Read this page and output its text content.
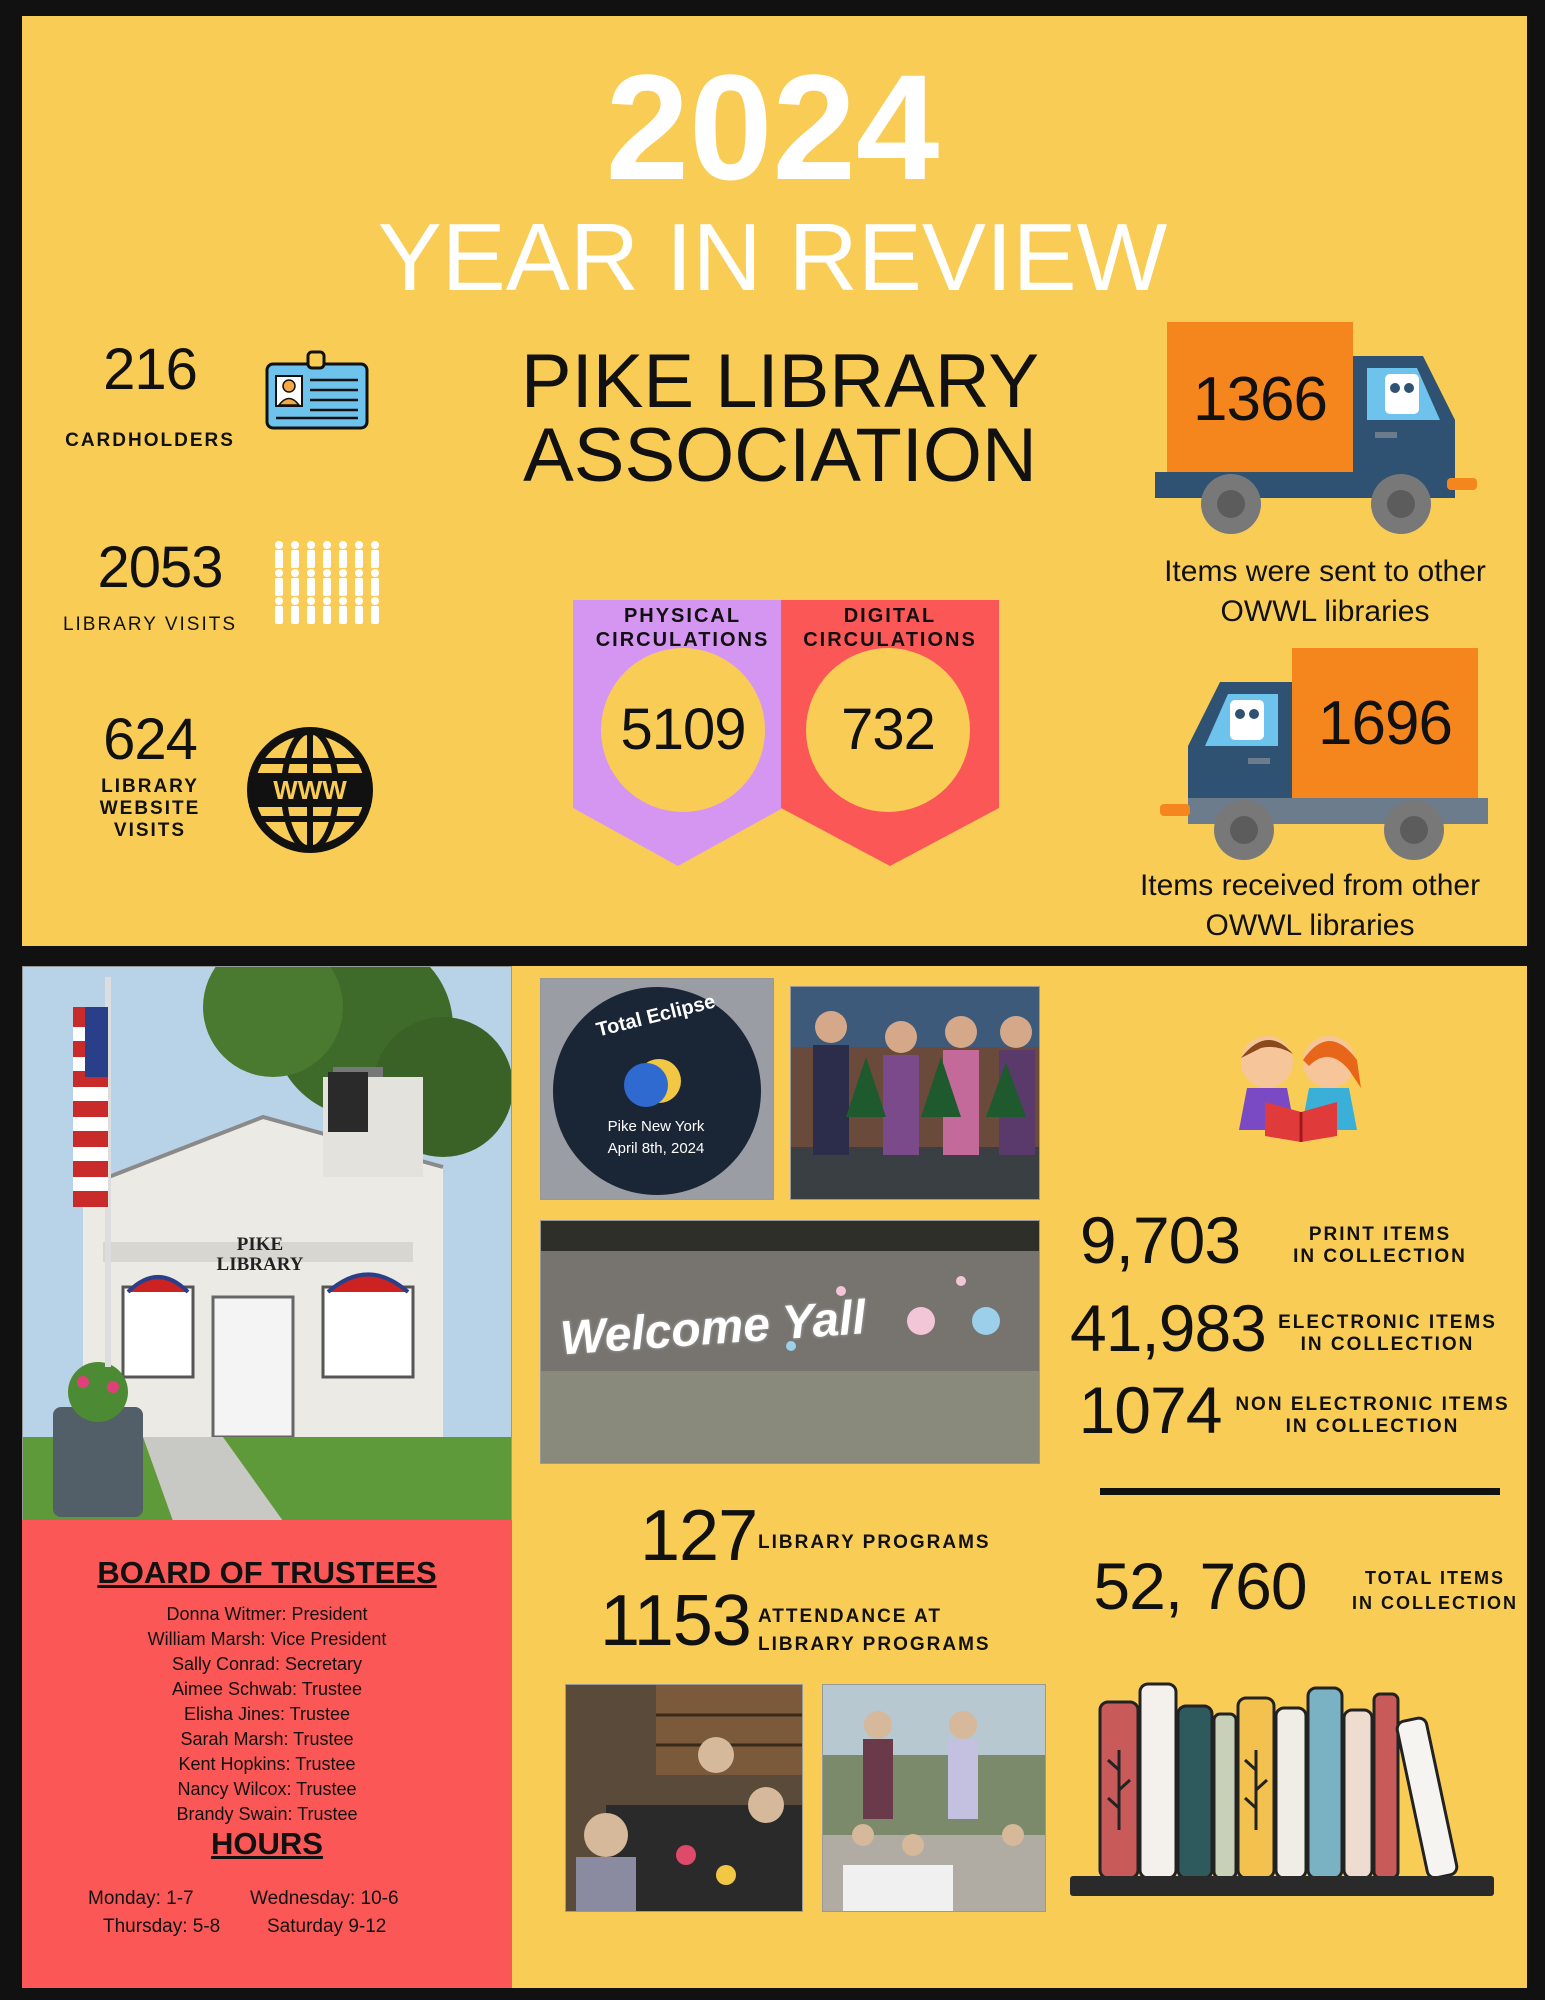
2024
YEAR IN REVIEW
PIKE LIBRARY
ASSOCIATION
216
CARDHOLDERS
2053
LIBRARY VISITS
624
LIBRARY
WEBSITE
VISITS
WWW
PHYSICAL
CIRCULATIONS
DIGITAL
CIRCULATIONS
5109	732
1366
Items were sent to other
OWWL libraries
1696
Items received from other
OWWL libraries
PIKE
LIBRARY
BOARD OF TRUSTEES
Donna Witmer: President
William Marsh: Vice President
Sally Conrad: Secretary
Aimee Schwab: Trustee
Elisha Jines: Trustee
Sarah Marsh: Trustee
Kent Hopkins: Trustee
Nancy Wilcox: Trustee
Brandy Swain: Trustee
HOURS
Monday: 1-7	Wednesday: 10-6
Thursday: 5-8 Saturday 9-12
Total Eclipse
Pike New York
April 8th, 2024
Welcome Yall
127 LIBRARY PROGRAMS
1153 ATTENDANCE AT
LIBRARY PROGRAMS
9,703	PRINT ITEMS
IN COLLECTION
41,983 ELECTRONIC ITEMS
IN COLLECTION
1074 NON ELECTRONIC ITEMS
IN COLLECTION
52, 760	TOTAL ITEMS
IN COLLECTION
